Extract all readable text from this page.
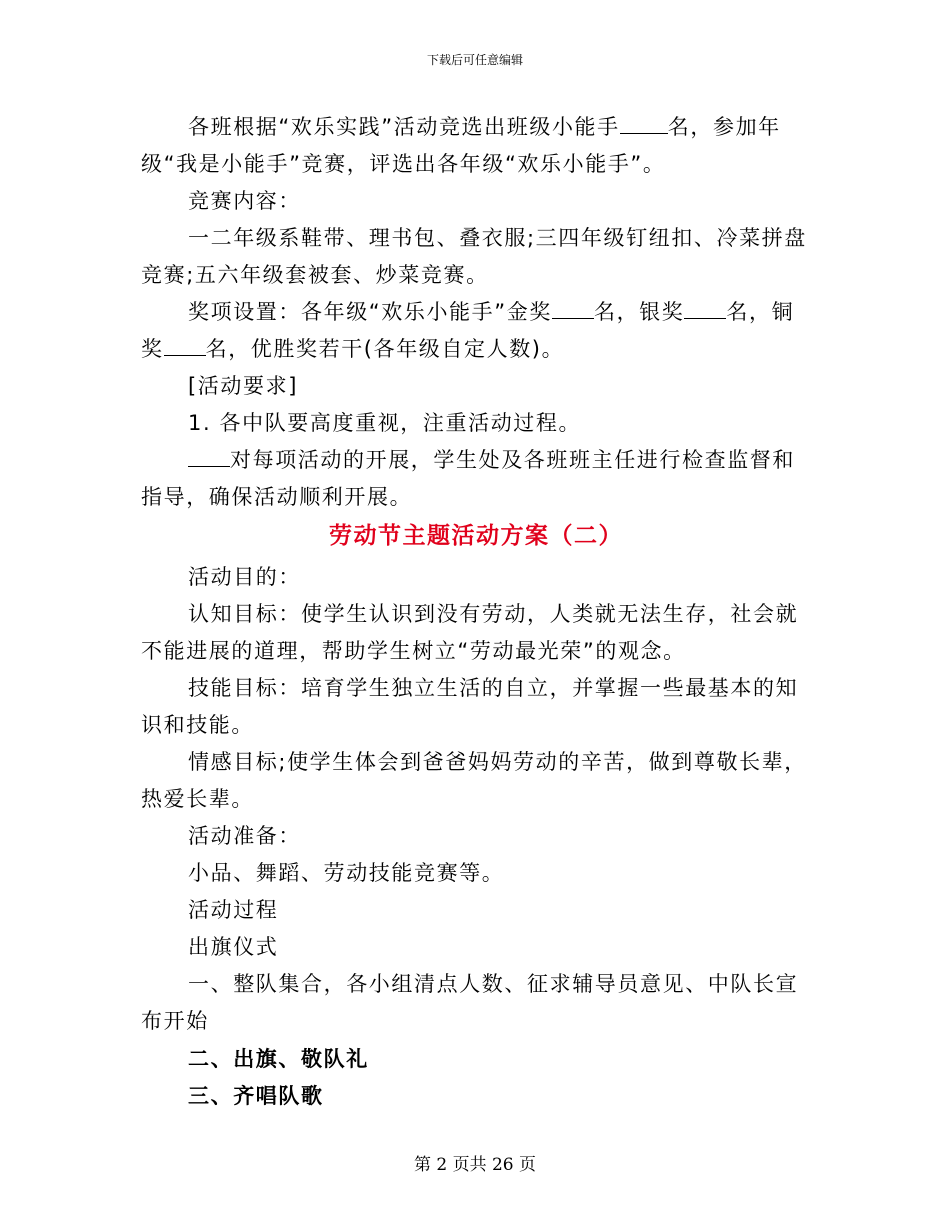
下载后可任意编辑
各班根据“欢乐实践”活动竞选出班级小能手 名，参加年级“我是小能手”竞赛，评选出各年级“欢乐小能手”。
竞赛内容：
一二年级系鞋带、理书包、叠衣服;三四年级钉纽扣、冷菜拼盘竞赛;五六年级套被套、炒菜竞赛。
奖项设置：各年级“欢乐小能手”金奖 名，银奖 名，铜奖 名，优胜奖若干(各年级自定人数)。
[活动要求]
1. 各中队要高度重视，注重活动过程。
对每项活动的开展，学生处及各班班主任进行检查监督和指导，确保活动顺利开展。
劳动节主题活动方案（二）
活动目的：
认知目标：使学生认识到没有劳动，人类就无法生存，社会就不能进展的道理，帮助学生树立“劳动最光荣”的观念。
技能目标：培育学生独立生活的自立，并掌握一些最基本的知识和技能。
情感目标;使学生体会到爸爸妈妈劳动的辛苦，做到尊敬长辈，热爱长辈。
活动准备：
小品、舞蹈、劳动技能竞赛等。
活动过程
出旗仪式
一、整队集合，各小组清点人数、征求辅导员意见、中队长宣布开始
二、出旗、敬队礼
三、齐唱队歌
第 2 页共 26 页
